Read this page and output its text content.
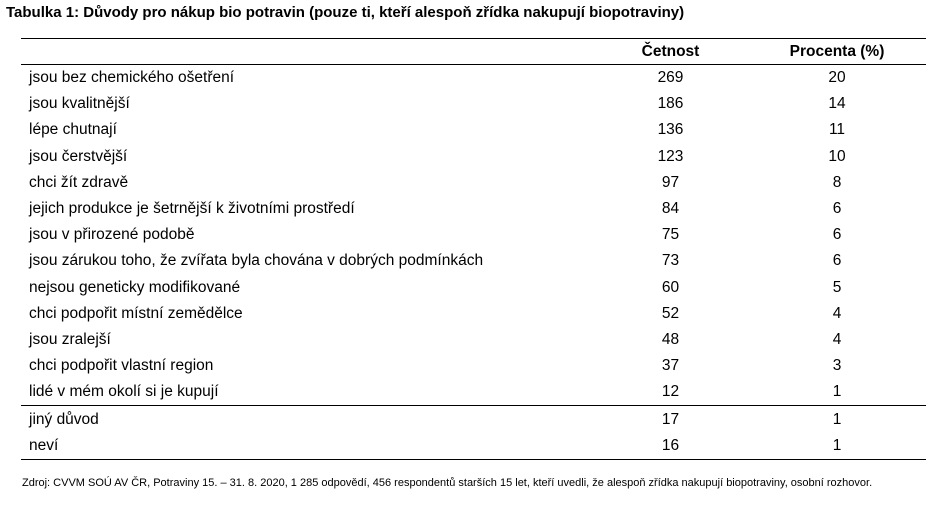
Tabulka 1: Důvody pro nákup bio potravin (pouze ti, kteří alespoň zřídka nakupují biopotraviny)
Četnost	Procenta (%)
jsou bez chemického ošetření	269	20
jsou kvalitnější	186	14
lépe chutnají	136	11
jsou čerstvější	123	10
chci žít zdravě	97	8
jejich produkce je šetrnější k životními prostředí	84	6
jsou v přirozené podobě	75	6
jsou zárukou toho, že zvířata byla chována v dobrých podmínkách	73	6
nejsou geneticky modifikované	60	5
chci podpořit místní zemědělce	52	4
jsou zralejší	48	4
chci podpořit vlastní region	37	3
lidé v mém okolí si je kupují	12	1
jiný důvod	17	1
neví	16	1
Zdroj: CVVM SOÚ AV ČR, Potraviny 15. – 31. 8. 2020, 1 285 odpovědí, 456 respondentů starších 15 let, kteří uvedli, že alespoň zřídka nakupují biopotraviny, osobní rozhovor.
